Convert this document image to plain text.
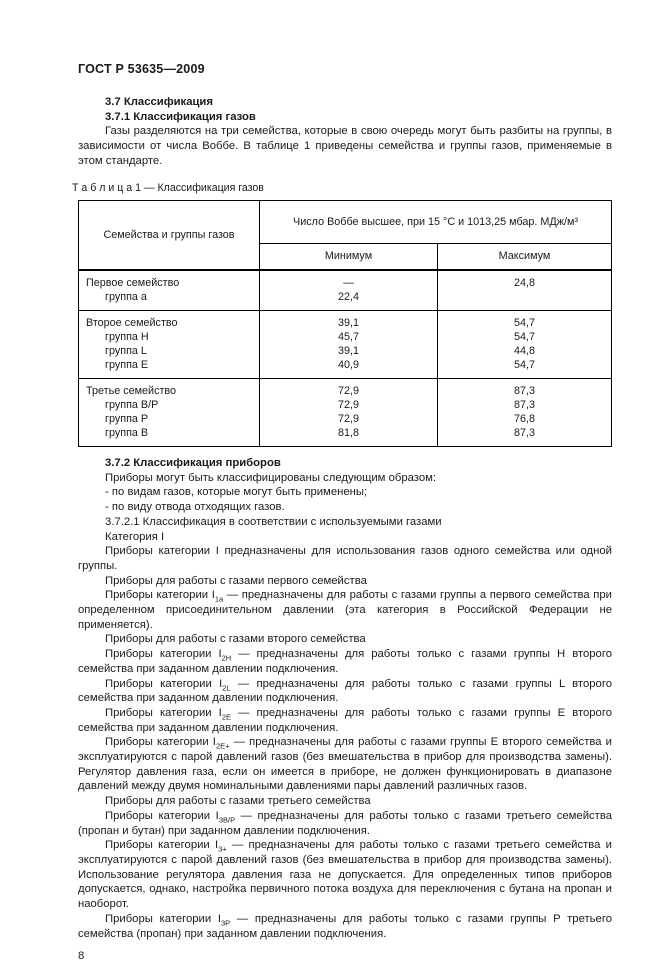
ГОСТ Р 53635—2009

3.7 Классификация

3.7.1 Классификация газов

Газы разделяются на три семейства, которые в свою очередь могут быть разбиты на группы, в зависимости от числа Воббе. В таблице 1 приведены семейства и группы газов, применяемые в этом стандарте.

Т а б л и ц а 1 — Классификация газов
Семейства и группы газов	Число Воббе высшее, при 15 °С и 1013,25 мбар. МДж/м³	
	Минимум	Максимум
Первое семейство	—	24,8
группа а	22,4	
Второе семейство	39,1	54,7
группа H	45,7	54,7
группа L	39,1	44,8
группа E	40,9	54,7
Третье семейство	72,9	87,3
группа B/P	72,9	87,3
группа P	72,9	76,8
группа B	81,8	87,3

3.7.2 Классификация приборов

Приборы могут быть классифицированы следующим образом:

- по видам газов, которые могут быть применены;

- по виду отвода отходящих газов.

3.7.2.1 Классификация в соответствии с используемыми газами

Категория I

Приборы категории I предназначены для использования газов одного семейства или одной группы.

Приборы для работы с газами первого семейства

Приборы категории $I_{1a}$ — предназначены для работы с газами группы а первого семейства при определенном присоединительном давлении (эта категория в Российской Федерации не применяется).

Приборы для работы с газами второго семейства

Приборы категории $I_{2H}$ — предназначены для работы только с газами группы H второго семейства при заданном давлении подключения.

Приборы категории $I_{2L}$ — предназначены для работы только с газами группы L второго семейства при заданном давлении подключения.

Приборы категории $I_{2E}$ — предназначены для работы только с газами группы E второго семейства при заданном давлении подключения.

Приборы категории $I_{2E+}$ — предназначены для работы с газами группы E второго семейства и эксплуатируются с парой давлений газов (без вмешательства в прибор для производства замены). Регулятор давления газа, если он имеется в приборе, не должен функционировать в диапазоне давлений между двумя номинальными давлениями пары давлений различных газов.

Приборы для работы с газами третьего семейства

Приборы категории $I_{3B/P}$ — предназначены для работы только с газами третьего семейства (пропан и бутан) при заданном давлении подключения.

Приборы категории $I_{3+}$ — предназначены для работы только с газами третьего семейства и эксплуатируются с парой давлений газов (без вмешательства в прибор для производства замены). Использование регулятора давления газа не допускается. Для определенных типов приборов допускается, однако, настройка первичного потока воздуха для переключения с бутана на пропан и наоборот.

Приборы категории $I_{3P}$ — предназначены для работы только с газами группы P третьего семейства (пропан) при заданном давлении подключения.

8
